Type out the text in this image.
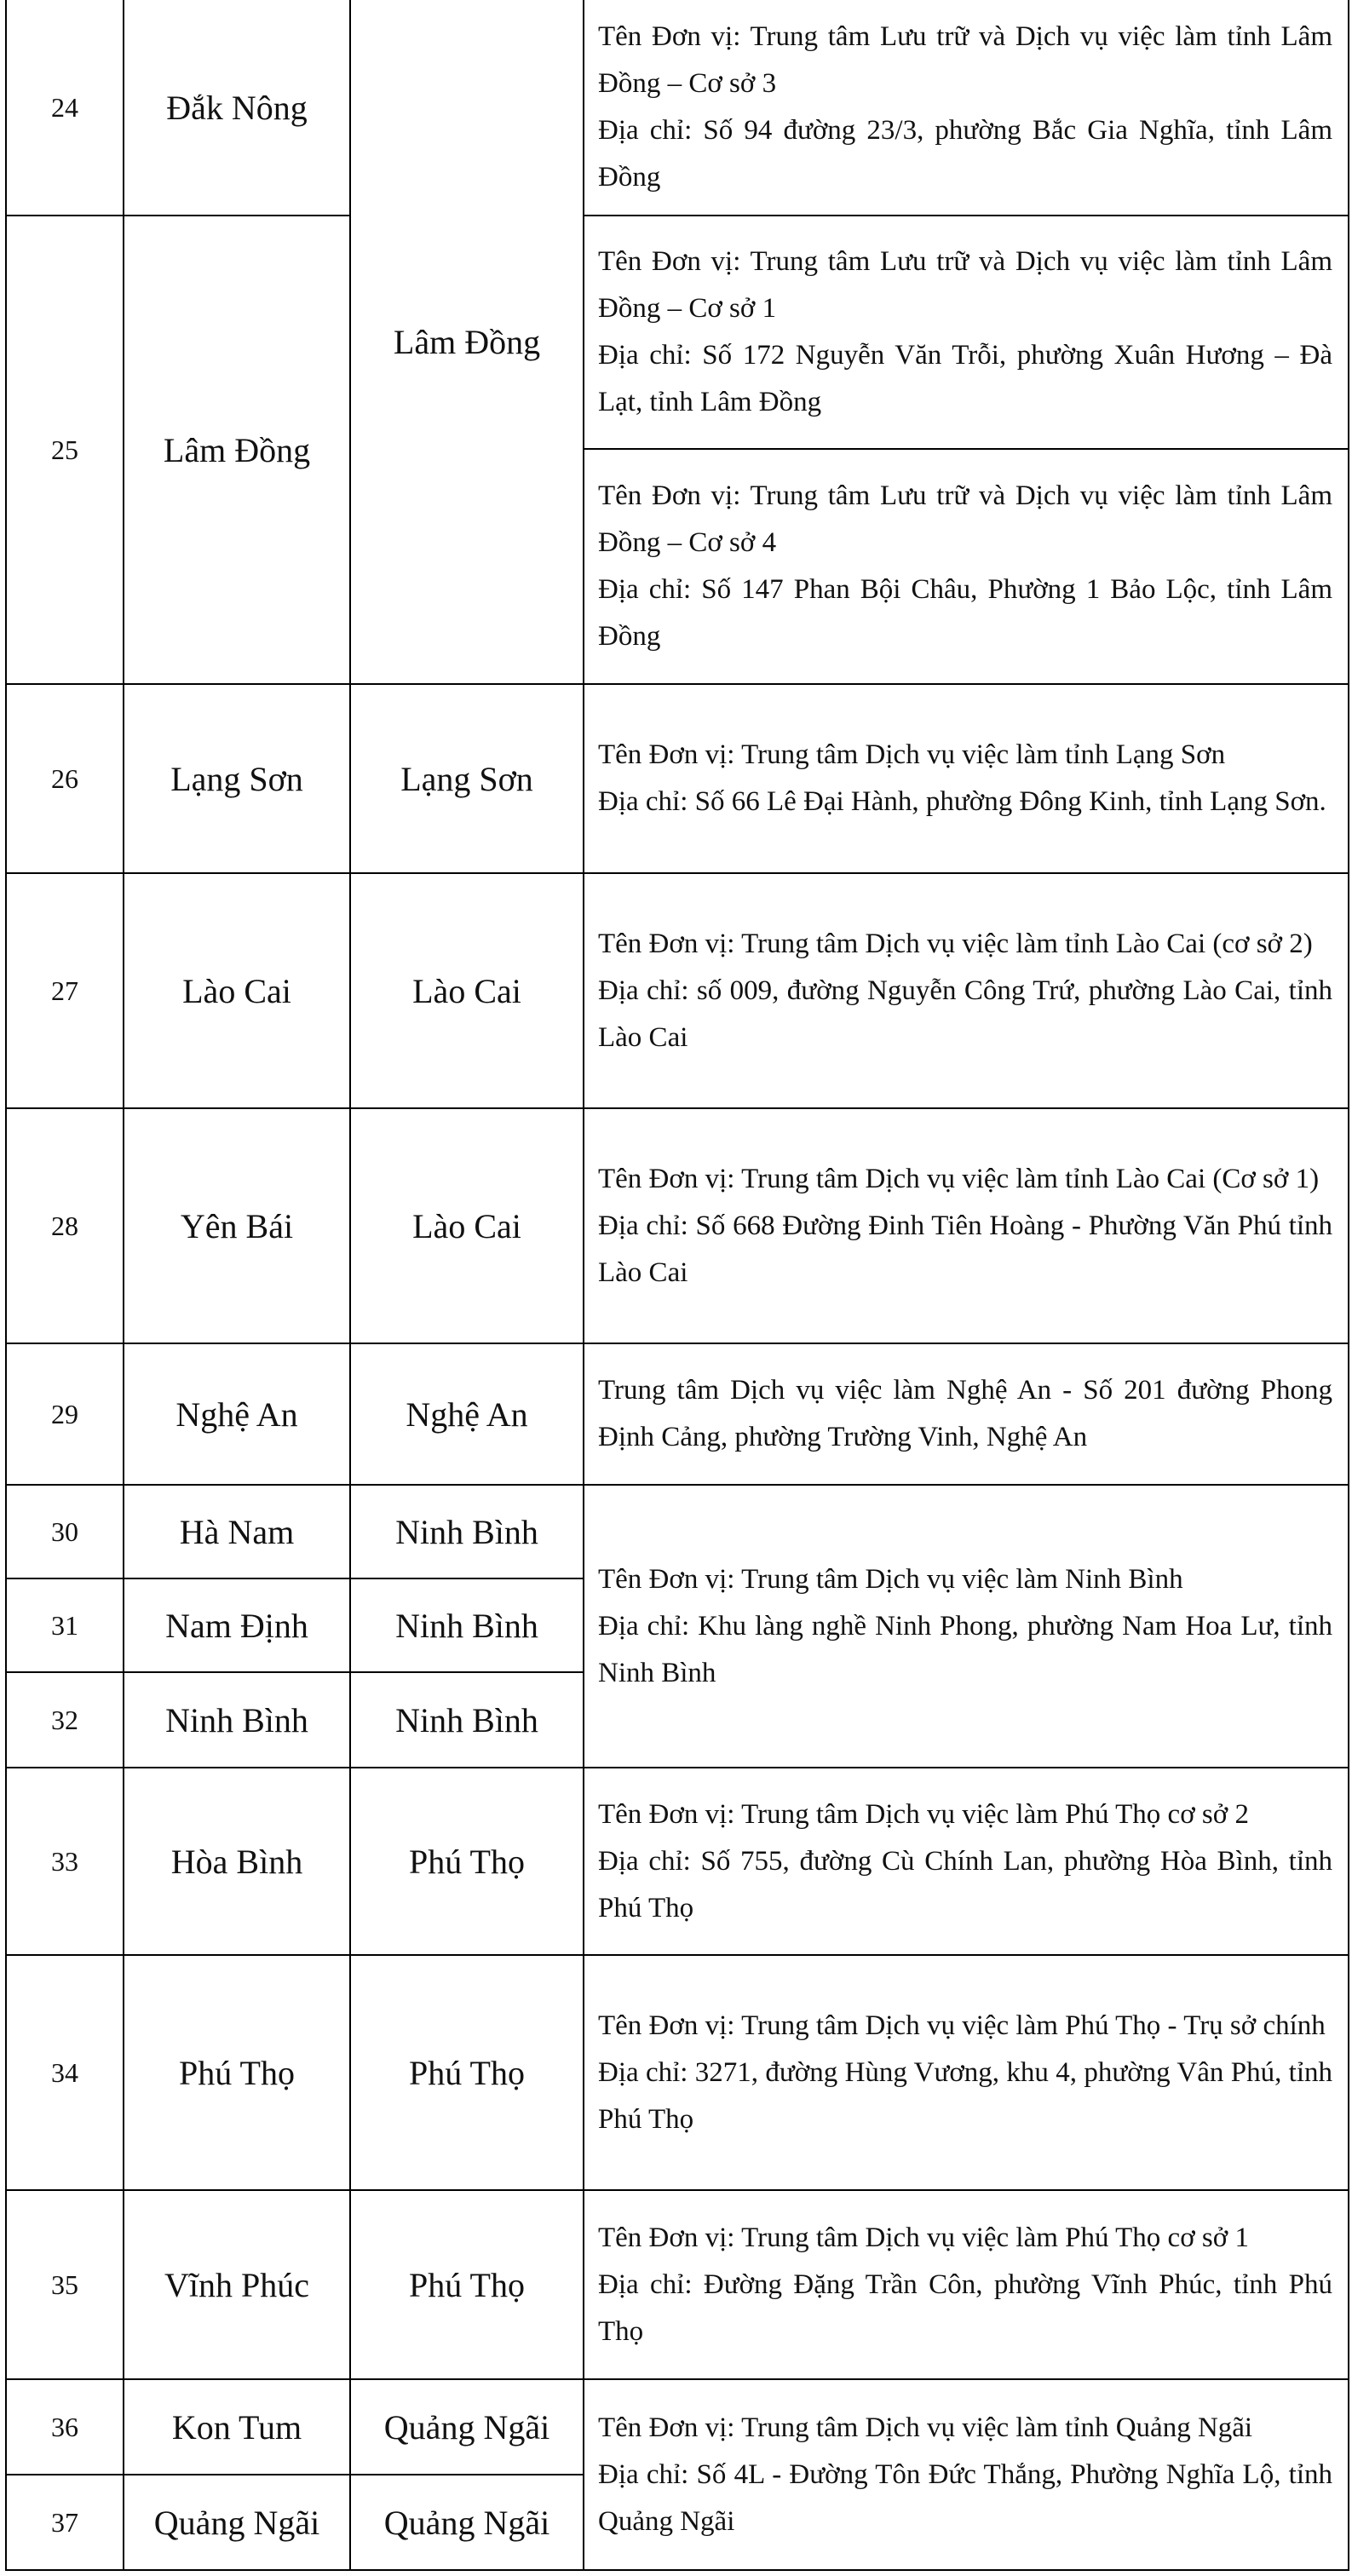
24	Đắk Nông	Lâm Đồng	Tên Đơn vị: Trung tâm Lưu trữ và Dịch vụ việc làm tỉnh Lâm Đồng – Cơ sở 3

Địa chỉ: Số 94 đường 23/3, phường Bắc Gia Nghĩa, tỉnh Lâm Đồng

25	Lâm Đồng		Tên Đơn vị: Trung tâm Lưu trữ và Dịch vụ việc làm tỉnh Lâm Đồng – Cơ sở 1

Địa chỉ: Số 172 Nguyễn Văn Trỗi, phường Xuân Hương – Đà Lạt, tỉnh Lâm Đồng

			Tên Đơn vị: Trung tâm Lưu trữ và Dịch vụ việc làm tỉnh Lâm Đồng – Cơ sở 4

Địa chỉ: Số 147 Phan Bội Châu, Phường 1 Bảo Lộc, tỉnh Lâm Đồng

26	Lạng Sơn	Lạng Sơn	Tên Đơn vị: Trung tâm Dịch vụ việc làm tỉnh Lạng Sơn

Địa chỉ: Số 66 Lê Đại Hành, phường Đông Kinh, tỉnh Lạng Sơn.

27	Lào Cai	Lào Cai	Tên Đơn vị: Trung tâm Dịch vụ việc làm tỉnh Lào Cai (cơ sở 2)

Địa chỉ: số 009, đường Nguyễn Công Trứ, phường Lào Cai, tỉnh Lào Cai

28	Yên Bái	Lào Cai	Tên Đơn vị: Trung tâm Dịch vụ việc làm tỉnh Lào Cai (Cơ sở 1)

Địa chỉ: Số 668 Đường Đinh Tiên Hoàng - Phường Văn Phú tỉnh Lào Cai

29	Nghệ An	Nghệ An	Trung tâm Dịch vụ việc làm Nghệ An - Số 201 đường Phong Định Cảng, phường Trường Vinh, Nghệ An

30	Hà Nam	Ninh Bình	Tên Đơn vị: Trung tâm Dịch vụ việc làm Ninh Bình

Địa chỉ: Khu làng nghề Ninh Phong, phường Nam Hoa Lư, tỉnh Ninh Bình

31	Nam Định	Ninh Bình	
32	Ninh Bình	Ninh Bình	
33	Hòa Bình	Phú Thọ	Tên Đơn vị: Trung tâm Dịch vụ việc làm Phú Thọ cơ sở 2

Địa chỉ: Số 755, đường Cù Chính Lan, phường Hòa Bình, tỉnh Phú Thọ

34	Phú Thọ	Phú Thọ	Tên Đơn vị: Trung tâm Dịch vụ việc làm Phú Thọ - Trụ sở chính

Địa chỉ: 3271, đường Hùng Vương, khu 4, phường Vân Phú, tỉnh Phú Thọ

35	Vĩnh Phúc	Phú Thọ	Tên Đơn vị: Trung tâm Dịch vụ việc làm Phú Thọ cơ sở 1

Địa chỉ: Đường Đặng Trần Côn, phường Vĩnh Phúc, tỉnh Phú Thọ

36	Kon Tum	Quảng Ngãi	Tên Đơn vị: Trung tâm Dịch vụ việc làm tỉnh Quảng Ngãi

Địa chỉ: Số 4L - Đường Tôn Đức Thắng, Phường Nghĩa Lộ, tỉnh Quảng Ngãi

37	Quảng Ngãi	Quảng Ngãi	
